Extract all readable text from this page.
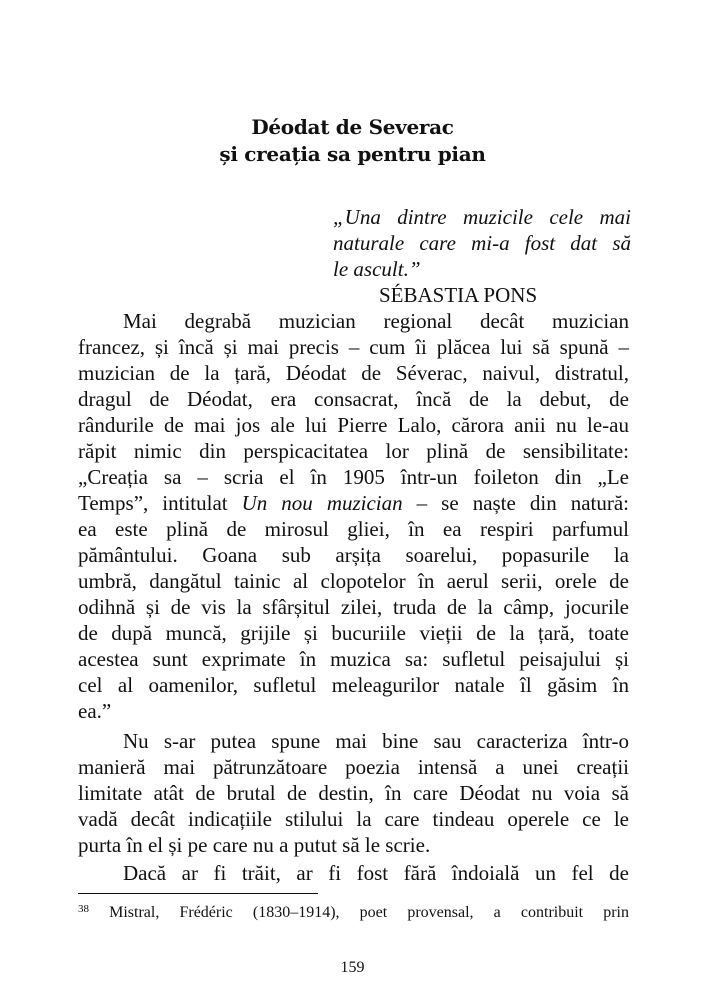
Déodat de Severac
și creația sa pentru pian
„Una dintre muzicile cele mai
naturale care mi-a fost dat să
le ascult.”
SÉBASTIA PONS
Mai degrabă muzician regional decât muzician
francez, și încă și mai precis – cum îi plăcea lui să spună –
muzician de la țară, Déodat de Séverac, naivul, distratul,
dragul de Déodat, era consacrat, încă de la debut, de
rândurile de mai jos ale lui Pierre Lalo, cărora anii nu le-au
răpit nimic din perspicacitatea lor plină de sensibilitate:
„Creația sa – scria el în 1905 într-un foileton din „Le
Temps”, intitulat Un nou muzician – se naște din natură:
ea este plină de mirosul gliei, în ea respiri parfumul
pământului. Goana sub arșița soarelui, popasurile la
umbră, dangătul tainic al clopotelor în aerul serii, orele de
odihnă și de vis la sfârșitul zilei, truda de la câmp, jocurile
de după muncă, grijile și bucuriile vieții de la țară, toate
acestea sunt exprimate în muzica sa: sufletul peisajului și
cel al oamenilor, sufletul meleagurilor natale îl găsim în
ea.”
Nu s-ar putea spune mai bine sau caracteriza într-o
manieră mai pătrunzătoare poezia intensă a unei creații
limitate atât de brutal de destin, în care Déodat nu voia să
vadă decât indicațiile stilului la care tindeau operele ce le
purta în el și pe care nu a putut să le scrie.
Dacă ar fi trăit, ar fi fost fără îndoială un fel de
$^{38}$ Mistral, Frédéric (1830–1914), poet provensal, a contribuit prin
159
